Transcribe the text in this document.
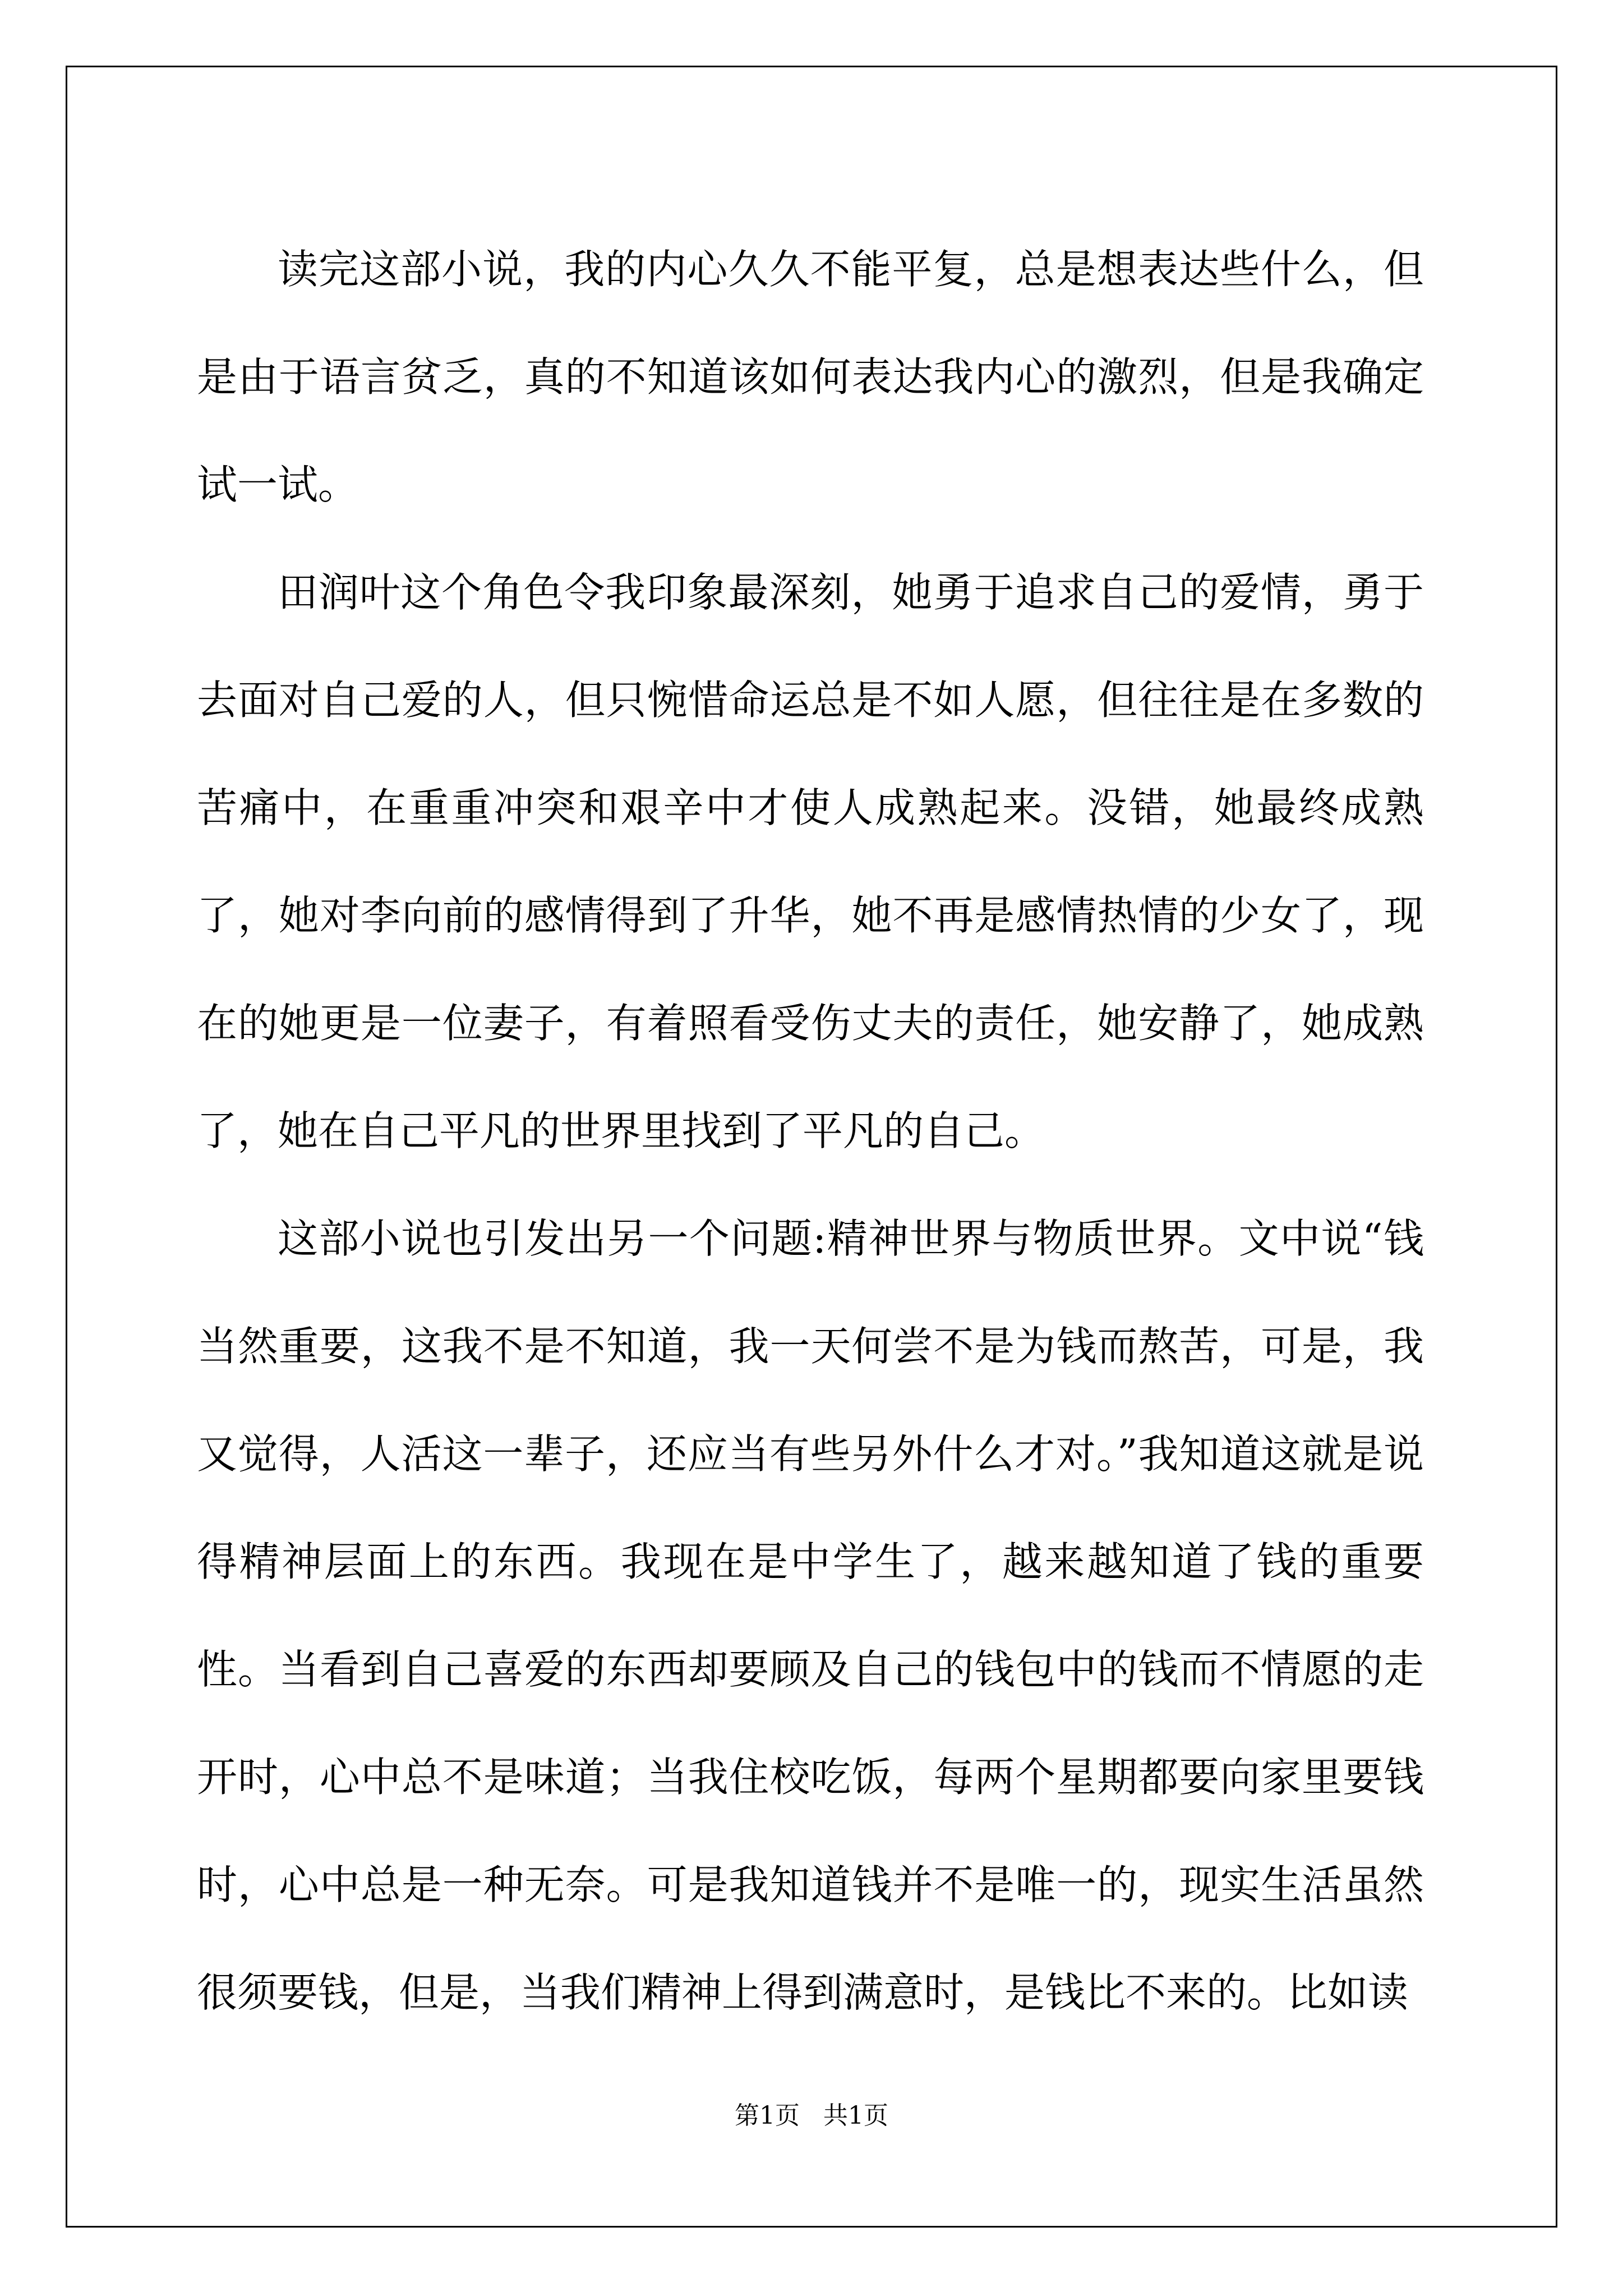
读完这部小说，我的内心久久不能平复，总是想表达些什么，但是由于语言贫乏，真的不知道该如何表达我内心的激烈，但是我确定试一试。

田润叶这个角色令我印象最深刻，她勇于追求自己的爱情，勇于去面对自己爱的人，但只惋惜命运总是不如人愿，但往往是在多数的苦痛中，在重重冲突和艰辛中才使人成熟起来。没错，她最终成熟了，她对李向前的感情得到了升华，她不再是感情热情的少女了，现在的她更是一位妻子，有着照看受伤丈夫的责任，她安静了，她成熟了，她在自己平凡的世界里找到了平凡的自己。

这部小说也引发出另一个问题:精神世界与物质世界。文中说“钱当然重要，这我不是不知道，我一天何尝不是为钱而熬苦，可是，我又觉得，人活这一辈子，还应当有些另外什么才对。”我知道这就是说得精神层面上的东西。我现在是中学生了，越来越知道了钱的重要性。当看到自己喜爱的东西却要顾及自己的钱包中的钱而不情愿的走开时，心中总不是味道；当我住校吃饭，每两个星期都要向家里要钱时，心中总是一种无奈。可是我知道钱并不是唯一的，现实生活虽然很须要钱，但是，当我们精神上得到满意时，是钱比不来的。比如读

第1页   共1页
